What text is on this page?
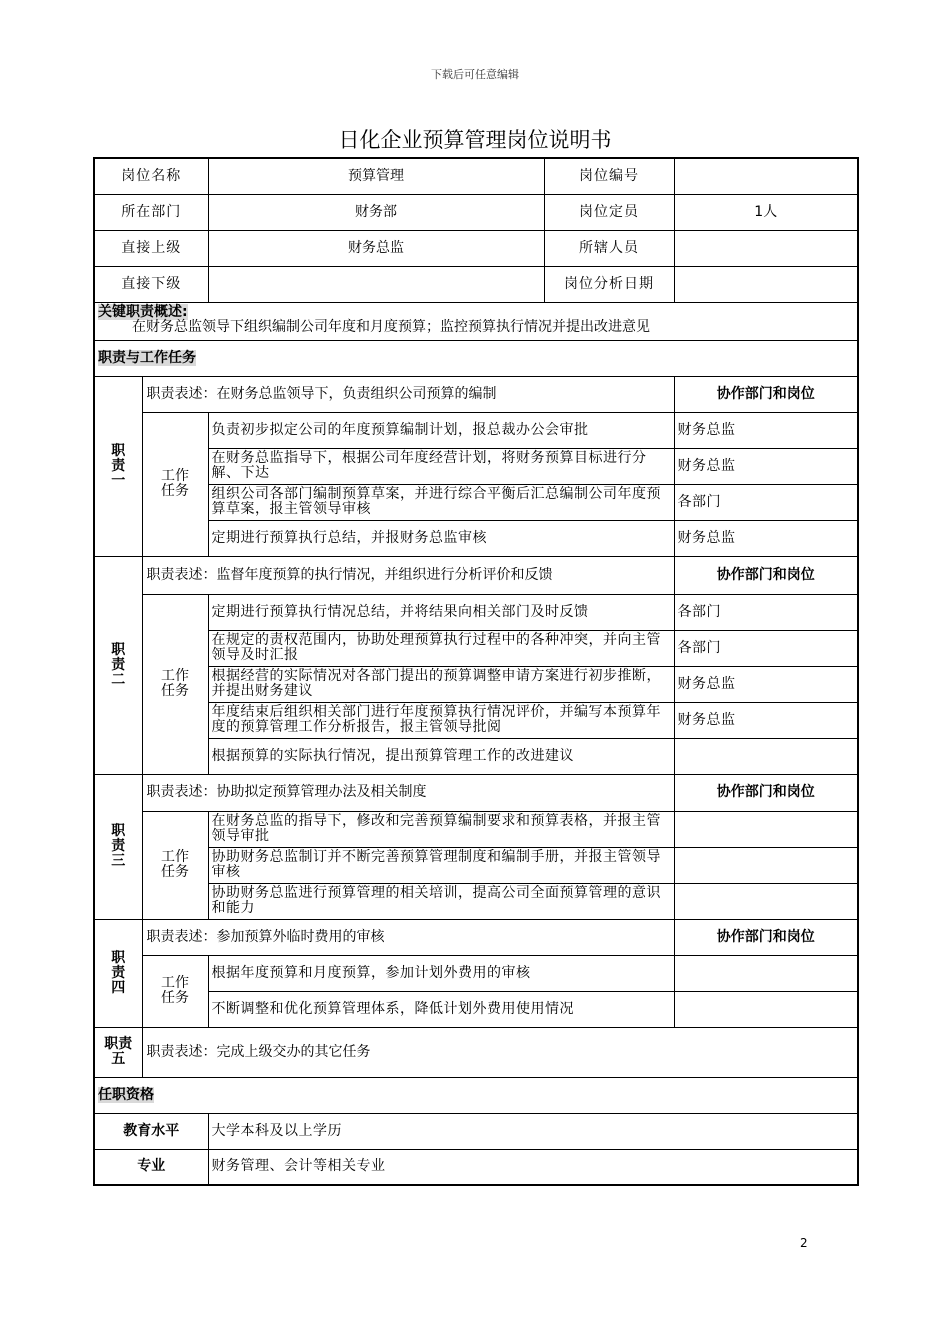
下载后可任意编辑
日化企业预算管理岗位说明书
岗位名称		预算管理	岗位编号	
所在部门		财务部	岗位定员	1人
直接上级		财务总监	所辖人员	
直接下级			岗位分析日期	

关键职责概述:
在财务总监领导下组织编制公司年度和月度预算；监控预算执行情况并提出改进意见				

职责与工作任务				

职责一	职责表述：在财务总监领导下，负责组织公司预算的编制			协作部门和岗位

	工作任务	负责初步拟定公司的年度预算编制计划，报总裁办公会审批		财务总监
		在财务总监指导下，根据公司年度经营计划，将财务预算目标进行分解、下达		财务总监
		组织公司各部门编制预算草案，并进行综合平衡后汇总编制公司年度预算草案，报主管领导审核		各部门
		定期进行预算执行总结，并报财务总监审核		财务总监

职责二	职责表述：监督年度预算的执行情况，并组织进行分析评价和反馈			协作部门和岗位

	工作任务	定期进行预算执行情况总结，并将结果向相关部门及时反馈		各部门
		在规定的责权范围内，协助处理预算执行过程中的各种冲突，并向主管领导及时汇报		各部门
		根据经营的实际情况对各部门提出的预算调整申请方案进行初步推断，并提出财务建议		财务总监
		年度结束后组织相关部门进行年度预算执行情况评价，并编写本预算年度的预算管理工作分析报告，报主管领导批阅		财务总监
		根据预算的实际执行情况，提出预算管理工作的改进建议		

职责三	职责表述：协助拟定预算管理办法及相关制度			协作部门和岗位

	工作任务	在财务总监的指导下，修改和完善预算编制要求和预算表格，并报主管领导审批		
		协助财务总监制订并不断完善预算管理制度和编制手册，并报主管领导审核		
		协助财务总监进行预算管理的相关培训，提高公司全面预算管理的意识和能力		

职责四	职责表述：参加预算外临时费用的审核			协作部门和岗位

	工作任务	根据年度预算和月度预算，参加计划外费用的审核		
		不断调整和优化预算管理体系，降低计划外费用使用情况		

职责五	职责表述：完成上级交办的其它任务			
任职资格				
教育水平		大学本科及以上学历		
专业		财务管理、会计等相关专业		
2
